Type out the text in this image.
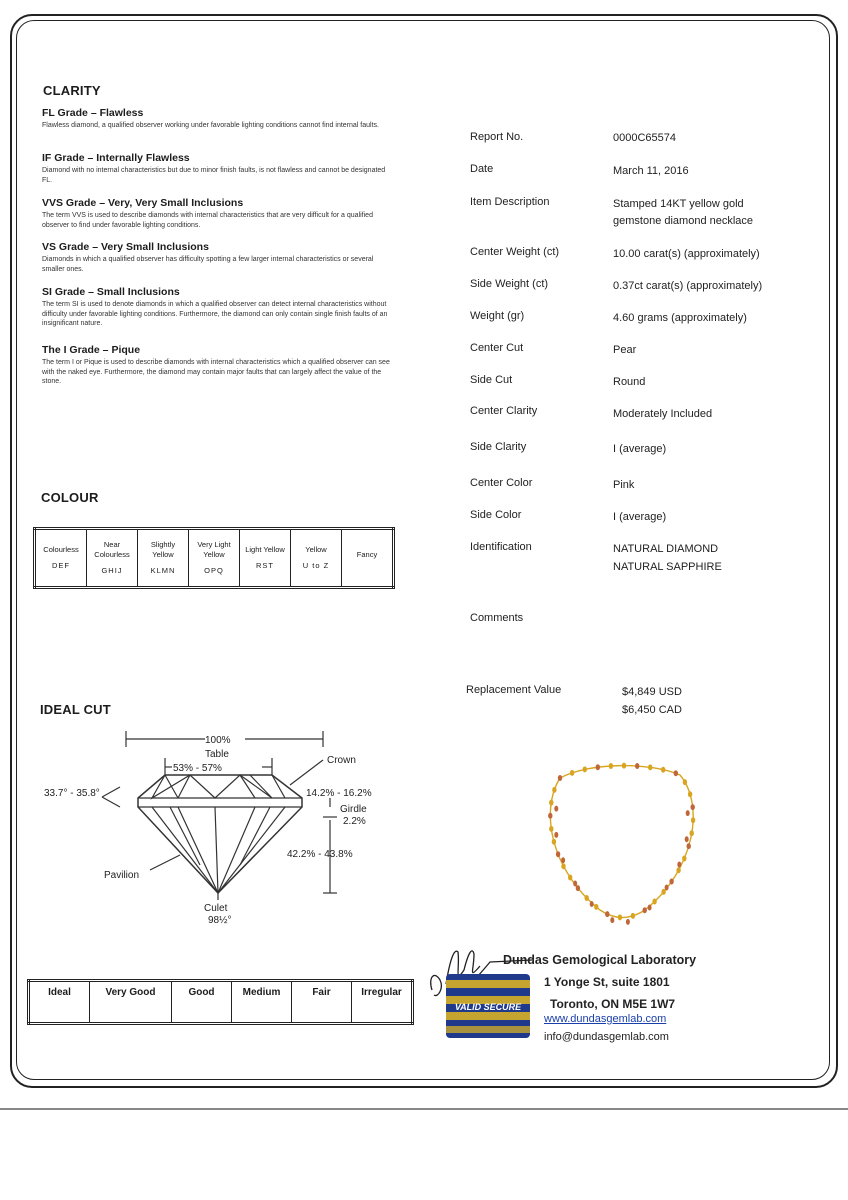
CLARITY

FL Grade – Flawless

Flawless diamond, a qualified observer working under favorable lighting conditions cannot find internal faults.

IF Grade – Internally Flawless

Diamond with no internal characteristics but due to minor finish faults, is not flawless and cannot be designated FL.

VVS Grade – Very, Very Small Inclusions

The term VVS is used to describe diamonds with internal characteristics that are very difficult for a qualified observer to find under favorable lighting conditions.

VS Grade – Very Small Inclusions

Diamonds in which a qualified observer has difficulty spotting a few larger internal characteristics or several smaller ones.

SI Grade – Small Inclusions

The term SI is used to denote diamonds in which a qualified observer can detect internal characteristics without difficulty under favorable lighting conditions. Furthermore, the diamond can only contain single finish faults of an insignificant nature.

The I Grade – Pique

The term I or Pique is used to describe diamonds with internal characteristics which a qualified observer can see with the naked eye. Furthermore, the diamond may contain major faults that can largely affect the value of the stone.

COLOUR
Colourless
DEF

Near Colourless
GHIJ

Slightly Yellow
KLMN

Very Light Yellow
OPQ

Light Yellow
RST

Yellow
U to Z

Fancy
IDEAL CUT
100%
Table
53% - 57%
Crown
33.7° - 35.8°	14.2% - 16.2%
Girdle
2.2%
42.2% - 43.8%
Pavilion
Culet
98½°
Ideal	Very Good	Good	Medium	Fair	Irregular
Report No.	0000C65574
Date	March 11, 2016
Item Description	Stamped 14KT yellow gold gemstone diamond necklace
Center Weight (ct)	10.00 carat(s) (approximately)
Side Weight (ct)	0.37ct carat(s) (approximately)
Weight (gr)	4.60 grams (approximately)
Center Cut	Pear
Side Cut	Round
Center Clarity	Moderately Included
Side Clarity	I (average)
Center Color	Pink
Side Color	I (average)
Identification	NATURAL DIAMOND
NATURAL SAPPHIRE
Comments
Replacement Value	$4,849 USD
$6,450 CAD
VALID SECURE
Dundas Gemological Laboratory
1 Yonge St, suite 1801
Toronto, ON M5E 1W7
www.dundasgemlab.com
info@dundasgemlab.com
